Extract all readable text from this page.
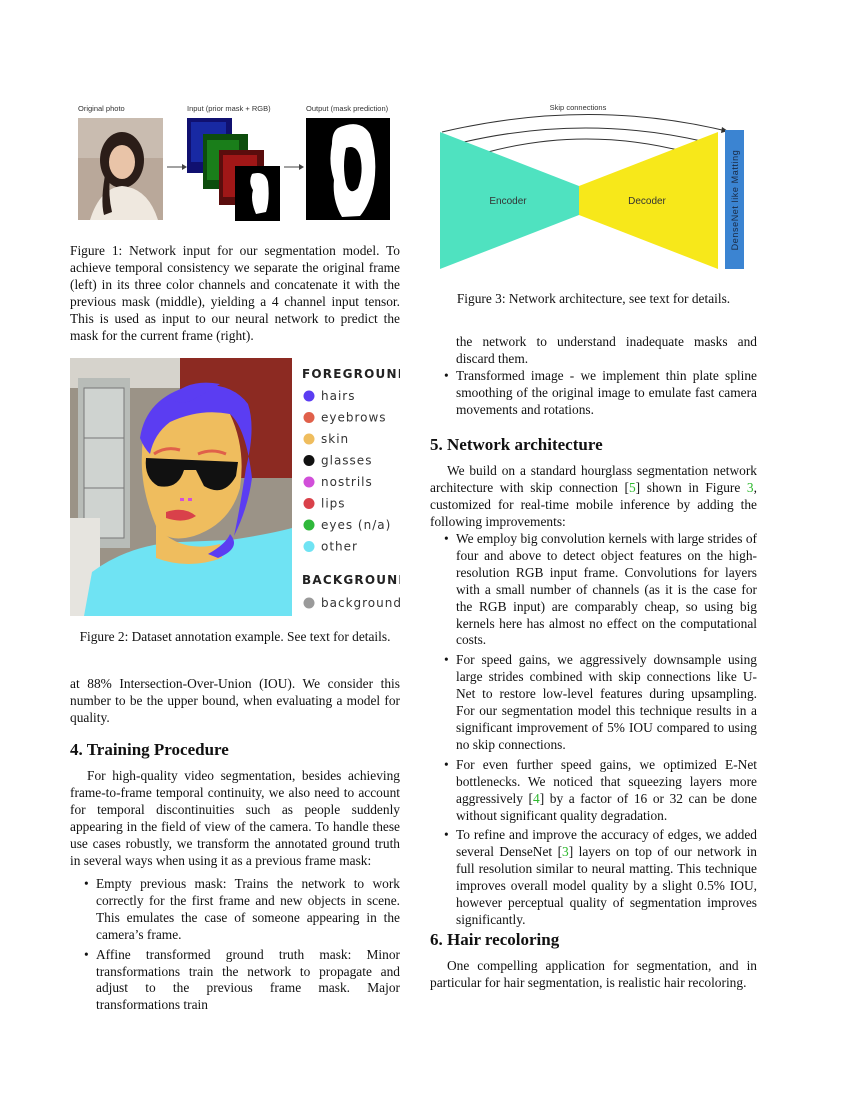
Original photo	Input (prior mask + RGB)	Output (mask prediction)

Figure 1: Network input for our segmentation model. To achieve temporal consistency we separate the original frame (left) in its three color channels and concatenate it with the previous mask (middle), yielding a 4 channel input tensor. This is used as input to our neural network to predict the mask for the current frame (right).

FOREGROUND
hairs
eyebrows
skin
glasses
nostrils
lips
eyes (n/a)
other
BACKGROUND
background

Figure 2: Dataset annotation example. See text for details.

at 88% Intersection-Over-Union (IOU). We consider this number to be the upper bound, when evaluating a model for quality.

4. Training Procedure

For high-quality video segmentation, besides achieving frame-to-frame temporal continuity, we also need to account for temporal discontinuities such as people suddenly appearing in the field of view of the camera. To handle these use cases robustly, we transform the annotated ground truth in several ways when using it as a previous frame mask:

• Empty previous mask: Trains the network to work correctly for the first frame and new objects in scene. This emulates the case of someone appearing in the camera’s frame.
• Affine transformed ground truth mask: Minor transformations train the network to propagate and adjust to the previous frame mask. Major transformations train
Encoder	Decoder	DenseNet like Matting
Skip connections

Figure 3: Network architecture, see text for details.

the network to understand inadequate masks and discard them.

• Transformed image - we implement thin plate spline smoothing of the original image to emulate fast camera movements and rotations.
5. Network architecture

We build on a standard hourglass segmentation network architecture with skip connection [5] shown in Figure 3, customized for real-time mobile inference by adding the following improvements:

• We employ big convolution kernels with large strides of four and above to detect object features on the high-resolution RGB input frame. Convolutions for layers with a small number of channels (as it is the case for the RGB input) are comparably cheap, so using big kernels here has almost no effect on the computational costs.
• For speed gains, we aggressively downsample using large strides combined with skip connections like U-Net to restore low-level features during upsampling. For our segmentation model this technique results in a significant improvement of 5% IOU compared to using no skip connections.
• For even further speed gains, we optimized E-Net bottlenecks. We noticed that squeezing layers more aggressively [4] by a factor of 16 or 32 can be done without significant quality degradation.
• To refine and improve the accuracy of edges, we added several DenseNet [3] layers on top of our network in full resolution similar to neural matting. This technique improves overall model quality by a slight 0.5% IOU, however perceptual quality of segmentation improves significantly.
6. Hair recoloring

One compelling application for segmentation, and in particular for hair segmentation, is realistic hair recoloring.
